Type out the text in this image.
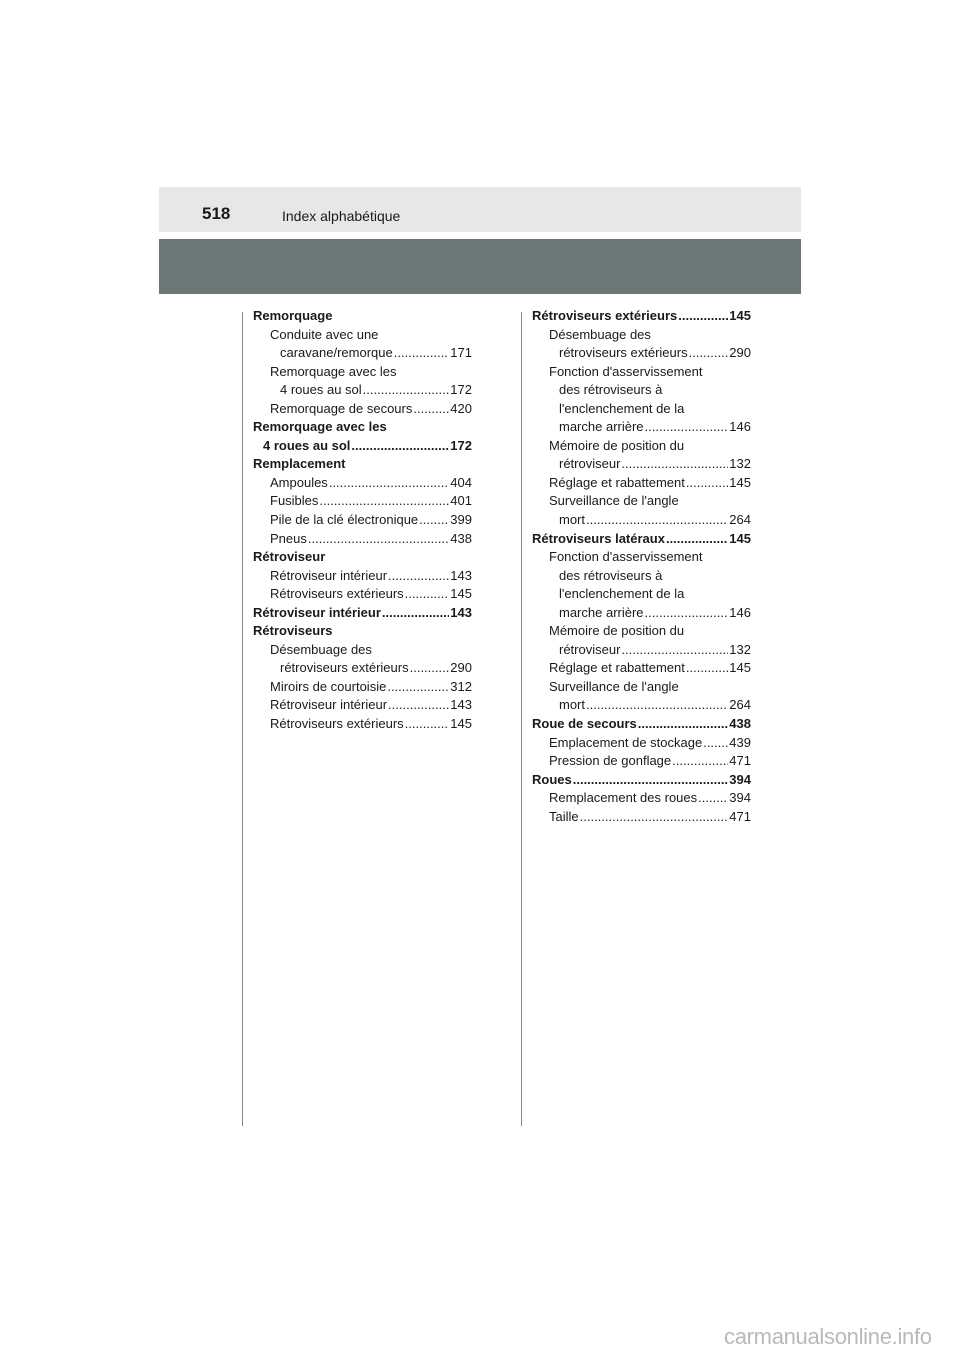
518	Index alphabétique
Remorquage
Conduite avec une
caravane/remorque .....	171
Remorquage avec les
4 roues au sol .....	172
Remorquage de secours .....	420
Remorquage avec les
4 roues au sol .....	172
Remplacement
Ampoules .....	404
Fusibles .....	401
Pile de la clé électronique ..... 399
Pneus .....	438
Rétroviseur
Rétroviseur intérieur .....	143
Rétroviseurs extérieurs .....	145
Rétroviseur intérieur .....	143
Rétroviseurs
Désembuage des
rétroviseurs extérieurs .....	290
Miroirs de courtoisie .....	312
Rétroviseur intérieur .....	143
Rétroviseurs extérieurs .....	145
Rétroviseurs extérieurs .....	145
Désembuage des
rétroviseurs extérieurs .....	290
Fonction d'asservissement
des rétroviseurs à
l'enclenchement de la
marche arrière .....	146
Mémoire de position du
rétroviseur .....	132
Réglage et rabattement .....	145
Surveillance de l'angle
mort .....	264
Rétroviseurs latéraux .....	145
Fonction d'asservissement
des rétroviseurs à
l'enclenchement de la
marche arrière .....	146
Mémoire de position du
rétroviseur .....	132
Réglage et rabattement .....	145
Surveillance de l'angle
mort .....	264
Roue de secours .....	438
Emplacement de stockage ..... 439
Pression de gonflage .....	471
Roues .....	394
Remplacement des roues ..... 394
Taille .....	471
carmanualsonline.info
